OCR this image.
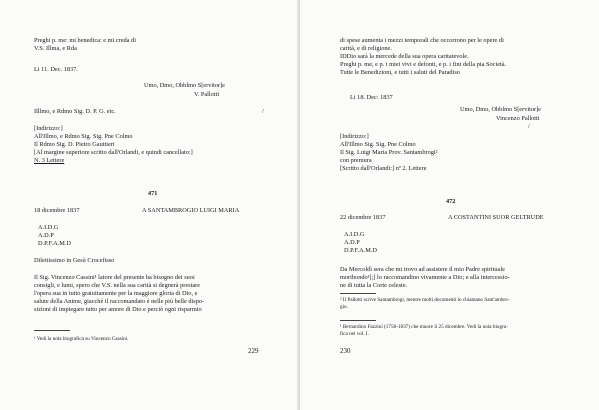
Preghi p. me: mi benedica: e mi creda di
V.S. Illma, e Rda
Li 11. Dec. 1837.
Umo, Dmo, Obblmo S[ervitor]e
V. Pallotti
Illlmo, e Rdmo Sig. D. P. G. etc.	/
[Indirizzo:]
All'Illmo, e Rdmo Sig. Sig. Pne Colmo
Il Rdmo Sig. D. Pietro Gauttieri
[Al margine superiore scritto dall'Orlandi, e quindi cancellato:]
N. 3 Lettere
471
18 dicembre 1837	A SANTAMBROGIO LUIGI MARIA
A.I.D.G
A.D.P
D.P.F.A.M.D
Dilettissimo in Gesù Crocefisso
Il Sig. Vincenzo Cassini¹ latore del presente ha bisogno dei suoi
consigli, e lumi, spero che V.S. nella sua carità si degnerà prestare
l'opera sua in tutto gratuitamente per la maggiore gloria di Dio, e
salute della Anime, giacchè il raccomandato è nelle più belle dispo-
sizioni di impiegare tutto per amore di Dio e perciò ogni risparmio
¹ Vedi la nota biografica su Vincenzo Cassini.
229
di spese aumenta i mezzi temporali che occorrono per le opere di
carità, e di religione.
IDDio sarà la mercede della sua opera caritatevole.
Preghi p. me, e p. i miei vivi e defonti, e p. i fini della pia Società.
Tutte le Benedizioni, e tutti i saluti del Paradiso
Li 18. Dec: 1837
Umo, Dmo, Obblmo S[ervitor]e
Vincenzo Pallotti
/
[Indirizzo:]
All'Illmo Sig. Sig. Pne Colmo
Il Sig. Luigi Maria Prov. Santambrogi²
con premura
[Scritto dall'Orlandi:] nº 2. Lettere
472
22 dicembre 1837	A COSTANTINI SUOR GELTRUDE
A.I.D.G
A.D.P
D.P.F.A.M.D
Da Mercoldì sera che mi trovo ad assistere il mio Padre spirituale
moribondo¹[;] lo raccomandino vivamente a Dio; e alla intercessio-
ne di tutta la Corte celeste.
² Il Pallotti scrive Santambrogi, mentre molti documenti lo chiamano Sant'ambro-
gio.
¹ Bernardino Fazzini (1758-1837) che muore il 25 dicembre. Vedi la nota biogra-
fica nel vol. I.
230
